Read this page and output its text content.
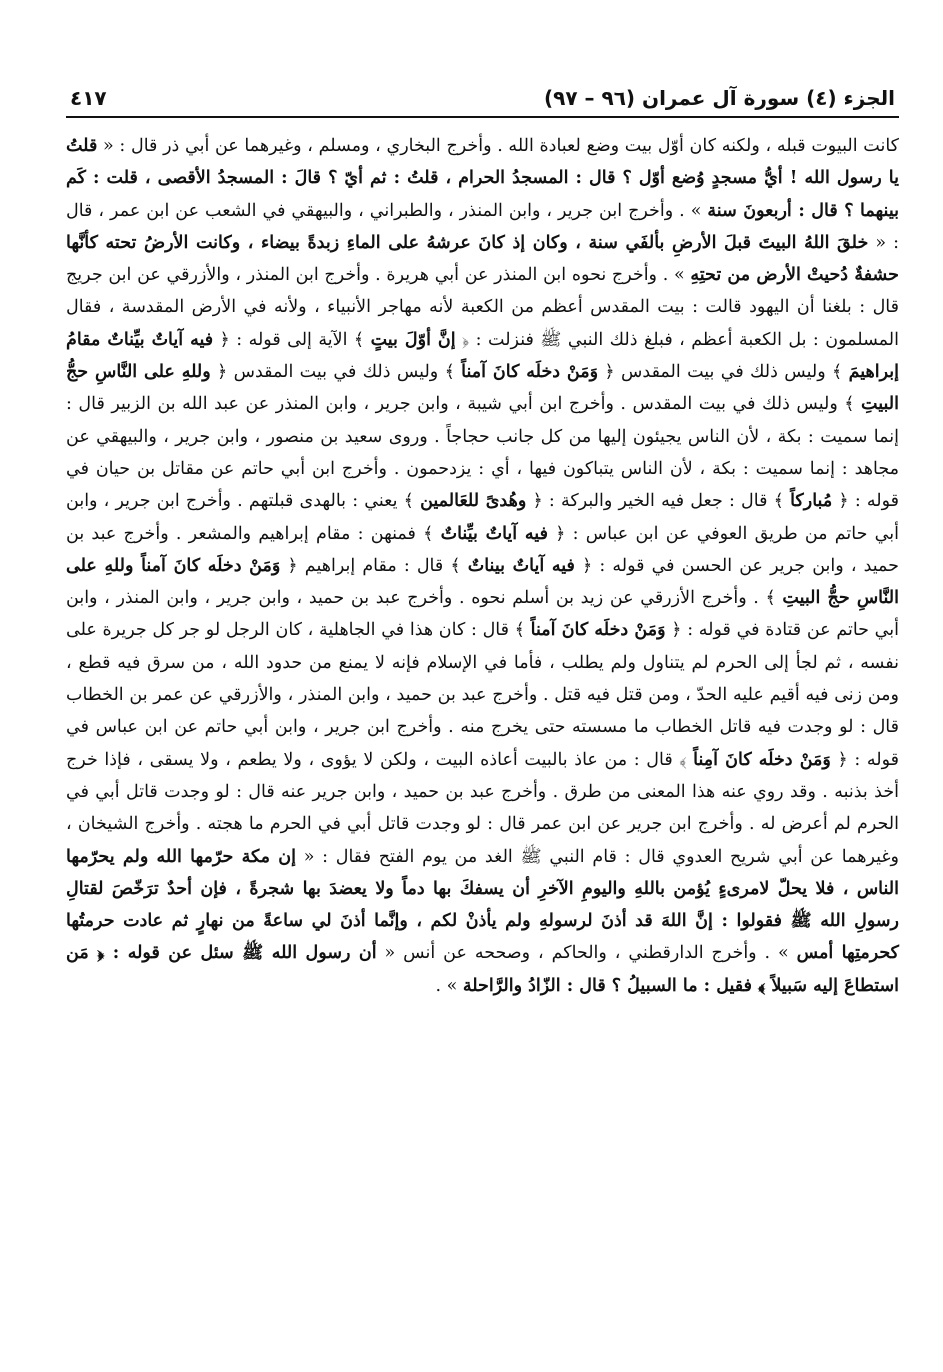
الجزء (٤) سورة آل عمران (٩٦ – ٩٧)
٤١٧

كانت البيوت قبله ، ولكنه كان أوّل بيت وضع لعبادة الله . وأخرج البخاري ، ومسلم ، وغيرهما عن أبي ذر قال : « قلتُ يا رسول الله ! أيُّ مسجدٍ وُضع أوّل ؟ قال : المسجدُ الحرام ، قلتُ : ثم أيّ ؟ قالَ : المسجدُ الأقصى ، قلت : كَم بينهما ؟ قال : أربعونَ سنة » . وأخرج ابن جرير ، وابن المنذر ، والطبراني ، والبيهقي في الشعب عن ابن عمر ، قال : « خلقَ اللهُ البيتَ قبلَ الأرضِ بألفَي سنة ، وكان إذ كانَ عرشهُ على الماءِ زبدةً بيضاء ، وكانت الأرضُ تحته كأنَّها حشفةٌ دُحيتْ الأرض من تحتِهِ » . وأخرج نحوه ابن المنذر عن أبي هريرة . وأخرج ابن المنذر ، والأزرقي عن ابن جريج قال : بلغنا أن اليهود قالت : بيت المقدس أعظم من الكعبة لأنه مهاجر الأنبياء ، ولأنه في الأرض المقدسة ، فقال المسلمون : بل الكعبة أعظم ، فبلغ ذلك النبي ﷺ فنزلت : ﴿ إنَّ أوّلَ بيتٍ ﴾ الآية إلى قوله : ﴿ فيه آياتٌ بيِّناتٌ مقامُ إبراهيمَ ﴾ وليس ذلك في بيت المقدس ﴿ وَمَنْ دخلَه كانَ آمناً ﴾ وليس ذلك في بيت المقدس ﴿ وللهِ على النَّاسِ حجُّ البيتِ ﴾ وليس ذلك في بيت المقدس . وأخرج ابن أبي شيبة ، وابن جرير ، وابن المنذر عن عبد الله بن الزبير قال : إنما سميت : بكة ، لأن الناس يجيئون إليها من كل جانب حجاجاً . وروى سعيد بن منصور ، وابن جرير ، والبيهقي عن مجاهد : إنما سميت : بكة ، لأن الناس يتباكون فيها ، أي : يزدحمون . وأخرج ابن أبي حاتم عن مقاتل بن حيان في قوله : ﴿ مُباركاً ﴾ قال : جعل فيه الخير والبركة : ﴿ وهُدىً للعَالمين ﴾ يعني : بالهدى قبلتهم . وأخرج ابن جرير ، وابن أبي حاتم من طريق العوفي عن ابن عباس : ﴿ فيه آياتٌ بيِّناتٌ ﴾ فمنهن : مقام إبراهيم والمشعر . وأخرج عبد بن حميد ، وابن جرير عن الحسن في قوله : ﴿ فيه آياتٌ بيناتٌ ﴾ قال : مقام إبراهيم ﴿ وَمَنْ دخلَه كانَ آمناً وللهِ على النَّاسِ حجُّ البيتِ ﴾ . وأخرج الأزرقي عن زيد بن أسلم نحوه . وأخرج عبد بن حميد ، وابن جرير ، وابن المنذر ، وابن أبي حاتم عن قتادة في قوله : ﴿ وَمَنْ دخلَه كانَ آمناً ﴾ قال : كان هذا في الجاهلية ، كان الرجل لو جر كل جريرة على نفسه ، ثم لجأ إلى الحرم لم يتناول ولم يطلب ، فأما في الإسلام فإنه لا يمنع من حدود الله ، من سرق فيه قطع ، ومن زنى فيه أقيم عليه الحدّ ، ومن قتل فيه قتل . وأخرج عبد بن حميد ، وابن المنذر ، والأزرقي عن عمر بن الخطاب قال : لو وجدت فيه قاتل الخطاب ما مسسته حتى يخرج منه . وأخرج ابن جرير ، وابن أبي حاتم عن ابن عباس في قوله : ﴿ وَمَنْ دخلَه كانَ آمِناً ﴾ قال : من عاذ بالبيت أعاذه البيت ، ولكن لا يؤوى ، ولا يطعم ، ولا يسقى ، فإذا خرج أخذ بذنبه . وقد روي عنه هذا المعنى من طرق . وأخرج عبد بن حميد ، وابن جرير عنه قال : لو وجدت قاتل أبي في الحرم لم أعرض له . وأخرج ابن جرير عن ابن عمر قال : لو وجدت قاتل أبي في الحرم ما هجته . وأخرج الشيخان ، وغيرهما عن أبي شريح العدوي قال : قام النبي ﷺ الغد من يوم الفتح فقال : « إن مكة حرّمها الله ولم يحرّمها الناس ، فلا يحلّ لامرىءٍ يُؤمن باللهِ واليومِ الآخرِ أن يسفكَ بها دماً ولا يعضدَ بها شجرةً ، فإن أحدٌ ترَخّصَ لقتالِ رسولِ الله ﷺ فقولوا : إنَّ اللهَ قد أذنَ لرسولهِ ولم يأذنْ لكم ، وإنَّما أذنَ لي ساعةً من نهارٍ ثم عادت حرمتُها كحرمتِها أمس » . وأخرج الدارقطني ، والحاكم ، وصححه عن أنس « أن رسول الله ﷺ سئل عن قوله : ﴿ مَن استطاعَ إليه سَبيلاً ﴾ فقيل : ما السبيلُ ؟ قال : الزّادُ والرَّاحلة » .
